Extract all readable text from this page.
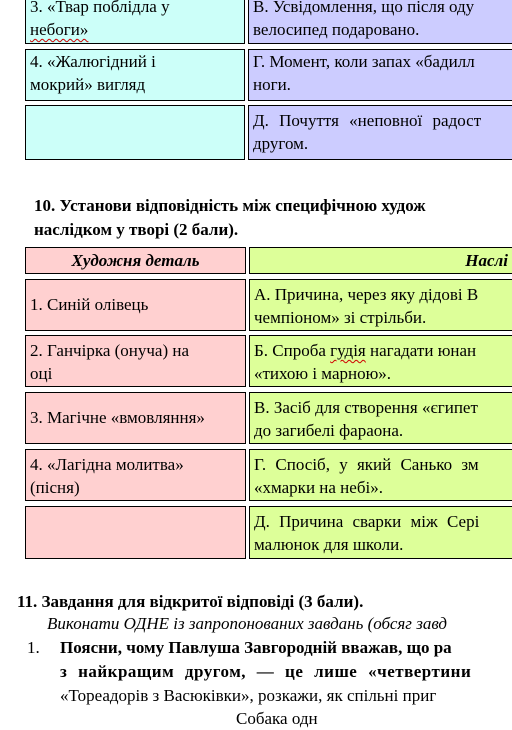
3. «Твар поблідла у
небоги»
В. Усвідомлення, що після оду
велосипед подаровано.
4. «Жалюгідний і
мокрий» вигляд
Г. Момент, коли запах «бадилл
ноги.
Д. Почуття «неповної радост
другом.
10. Установи відповідність між специфічною худож
наслідком у творі (2 бали).
Художня деталь	Наслі
1. Синій олівець
А. Причина, через яку дідові В
чемпіоном» зі стрільби.
2. Ганчірка (онуча) на
оці
Б. Спроба гудія нагадати юнан
«тихою і марною».
3. Магічне «вмовляння»
В. Засіб для створення «єгипет
до загибелі фараона.
4. «Лагідна молитва»
(пісня)
Г. Спосіб, у який Санько зм
«хмарки на небі».
Д. Причина сварки між Сері
малюнок для школи.
11. Завдання для відкритої відповіді (3 бали).
Виконати ОДНЕ із запропонованих завдань (обсяг завд
1. Поясни, чому Павлуша Завгородній вважав, що ра
з найкращим другом, — це лише «четвертини
«Тореадорів з Васюківки», розкажи, як спільні приг
Собака одн
